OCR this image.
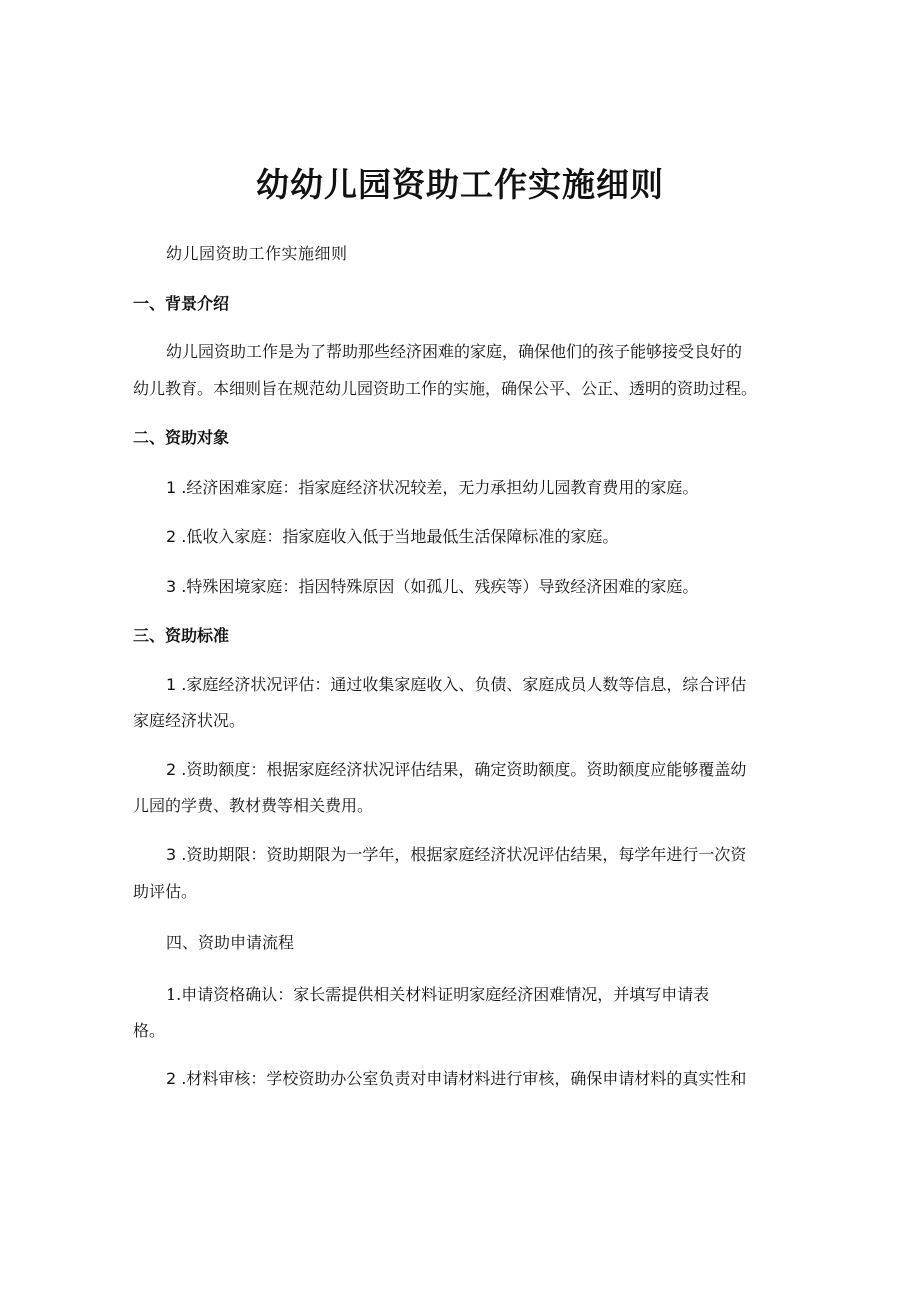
幼幼儿园资助工作实施细则

幼儿园资助工作实施细则

一、背景介绍

幼儿园资助工作是为了帮助那些经济困难的家庭，确保他们的孩子能够接受良好的

幼儿教育。本细则旨在规范幼儿园资助工作的实施，确保公平、公正、透明的资助过程。

二、资助对象

1 .经济困难家庭：指家庭经济状况较差，无力承担幼儿园教育费用的家庭。

2 .低收入家庭：指家庭收入低于当地最低生活保障标准的家庭。

3 .特殊困境家庭：指因特殊原因（如孤儿、残疾等）导致经济困难的家庭。

三、资助标准

1 .家庭经济状况评估：通过收集家庭收入、负债、家庭成员人数等信息，综合评估

家庭经济状况。

2 .资助额度：根据家庭经济状况评估结果，确定资助额度。资助额度应能够覆盖幼

儿园的学费、教材费等相关费用。

3 .资助期限：资助期限为一学年，根据家庭经济状况评估结果，每学年进行一次资

助评估。

四、资助申请流程

1.申请资格确认：家长需提供相关材料证明家庭经济困难情况，并填写申请表

格。

2 .材料审核：学校资助办公室负责对申请材料进行审核，确保申请材料的真实性和
